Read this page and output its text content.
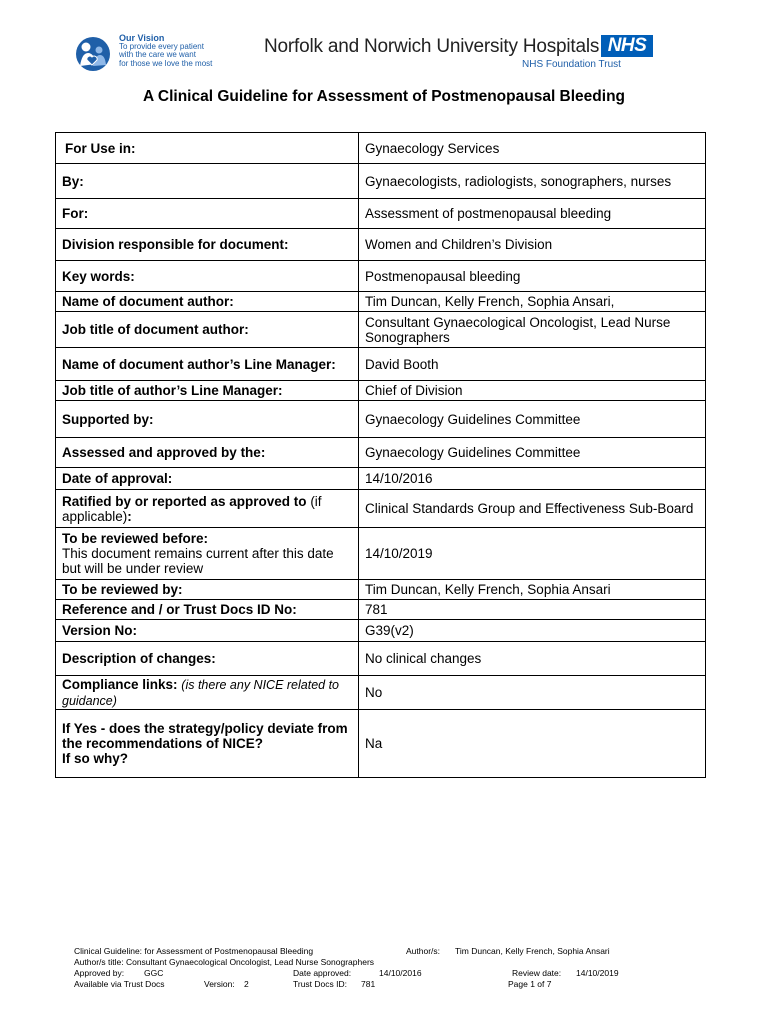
Our Vision
To provide every patient
with the care we want
for those we love the most
Norfolk and Norwich University Hospitals NHS
NHS Foundation Trust
A Clinical Guideline for Assessment of Postmenopausal Bleeding
For Use in:	Gynaecology Services
By:	Gynaecologists, radiologists, sonographers, nurses
For:	Assessment of postmenopausal bleeding
Division responsible for document:	Women and Children’s Division
Key words:	Postmenopausal bleeding
Name of document author:	Tim Duncan, Kelly French, Sophia Ansari,
Job title of document author:	Consultant Gynaecological Oncologist, Lead Nurse Sonographers
Name of document author’s Line Manager:	David Booth
Job title of author’s Line Manager:	Chief of Division
Supported by:	Gynaecology Guidelines Committee
Assessed and approved by the:	Gynaecology Guidelines Committee
Date of approval:	14/10/2016
Ratified by or reported as approved to (if applicable):	Clinical Standards Group and Effectiveness Sub-Board

To be reviewed before:
This document remains current after this date but will be under review	14/10/2019
To be reviewed by:	Tim Duncan, Kelly French, Sophia Ansari
Reference and / or Trust Docs ID No:	781
Version No:	G39(v2)
Description of changes:	No clinical changes
Compliance links: (is there any NICE related to guidance)	No

If Yes - does the strategy/policy deviate from the recommendations of NICE?
If so why?	Na
Clinical Guideline: for Assessment of Postmenopausal Bleeding	Author/s: Tim Duncan, Kelly French, Sophia Ansari
Author/s title: Consultant Gynaecological Oncologist, Lead Nurse Sonographers
Approved by: GGC	Date approved:	14/10/2016	Review date: 14/10/2019
Available via Trust Docs	Version: 2	Trust Docs ID: 781	Page 1 of 7
